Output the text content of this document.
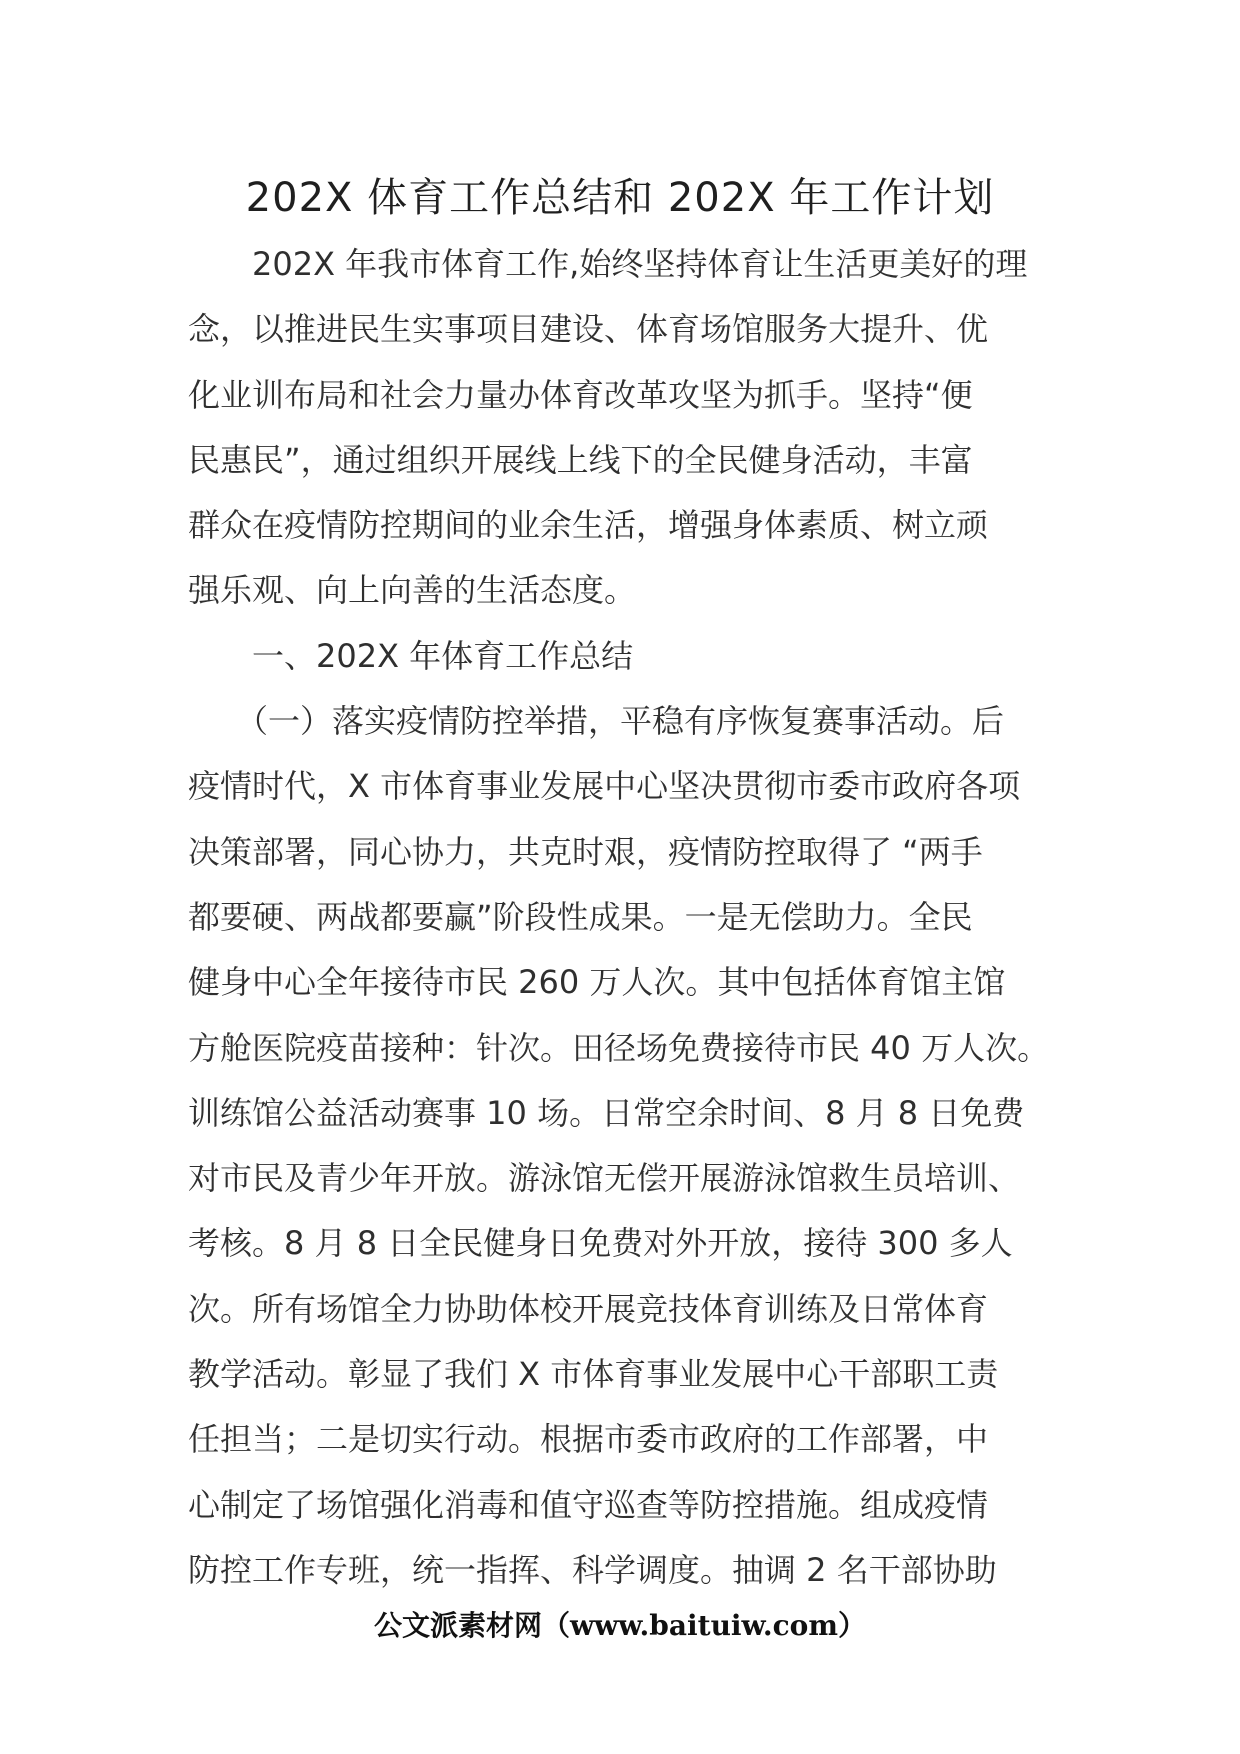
202X 体育工作总结和 202X 年工作计划
　　202X 年我市体育工作,始终坚持体育让生活更美好的理
念，以推进民生实事项目建设、体育场馆服务大提升、优
化业训布局和社会力量办体育改革攻坚为抓手。坚持“便
民惠民”，通过组织开展线上线下的全民健身活动，丰富
群众在疫情防控期间的业余生活，增强身体素质、树立顽
强乐观、向上向善的生活态度。
　　一、202X 年体育工作总结
　　（一）落实疫情防控举措，平稳有序恢复赛事活动。后
疫情时代，X 市体育事业发展中心坚决贯彻市委市政府各项
决策部署，同心协力，共克时艰，疫情防控取得了 “两手
都要硬、两战都要赢”阶段性成果。一是无偿助力。全民
健身中心全年接待市民 260 万人次。其中包括体育馆主馆
方舱医院疫苗接种：针次。田径场免费接待市民 40 万人次。
训练馆公益活动赛事 10 场。日常空余时间、8 月 8 日免费
对市民及青少年开放。游泳馆无偿开展游泳馆救生员培训、
考核。8 月 8 日全民健身日免费对外开放，接待 300 多人
次。所有场馆全力协助体校开展竞技体育训练及日常体育
教学活动。彰显了我们 X 市体育事业发展中心干部职工责
任担当；二是切实行动。根据市委市政府的工作部署，中
心制定了场馆强化消毒和值守巡查等防控措施。组成疫情
防控工作专班，统一指挥、科学调度。抽调 2 名干部协助
公文派素材网（www.baituiw.com）
